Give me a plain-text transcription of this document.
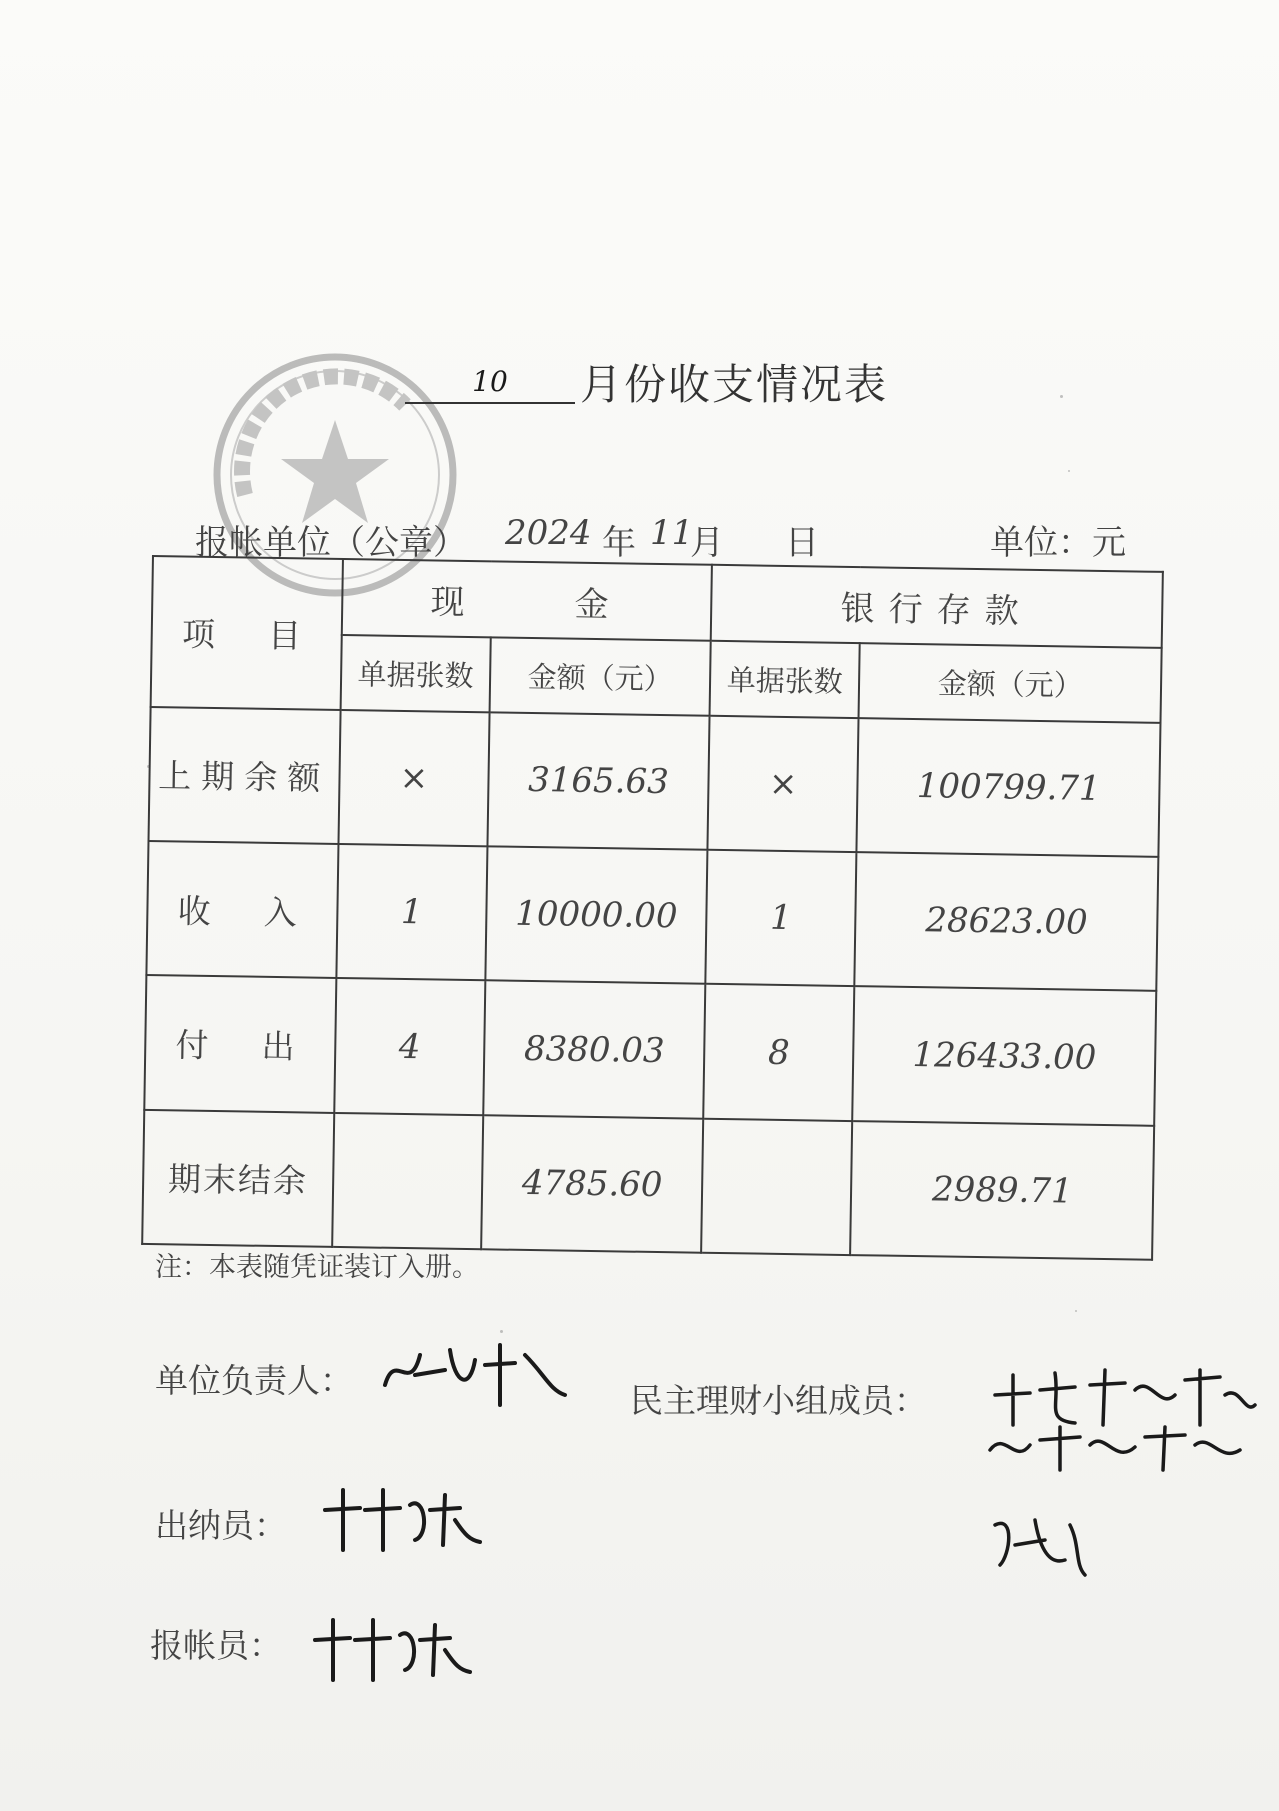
10	月份收支情况表
报帐单位（公章） 2024 年 11
月 日	单位：元
项　目	现　　金		银行存款	
	单据张数	金额（元）	单据张数	金额（元）
上期余额	×	3165.63	×	100799.71
收　入	1	10000.00	1	28623.00
付　出	4	8380.03	8	126433.00
期末结余		4785.60		2989.71
注：本表随凭证装订入册。
单位负责人：
民主理财小组成员：
出纳员：
报帐员：
